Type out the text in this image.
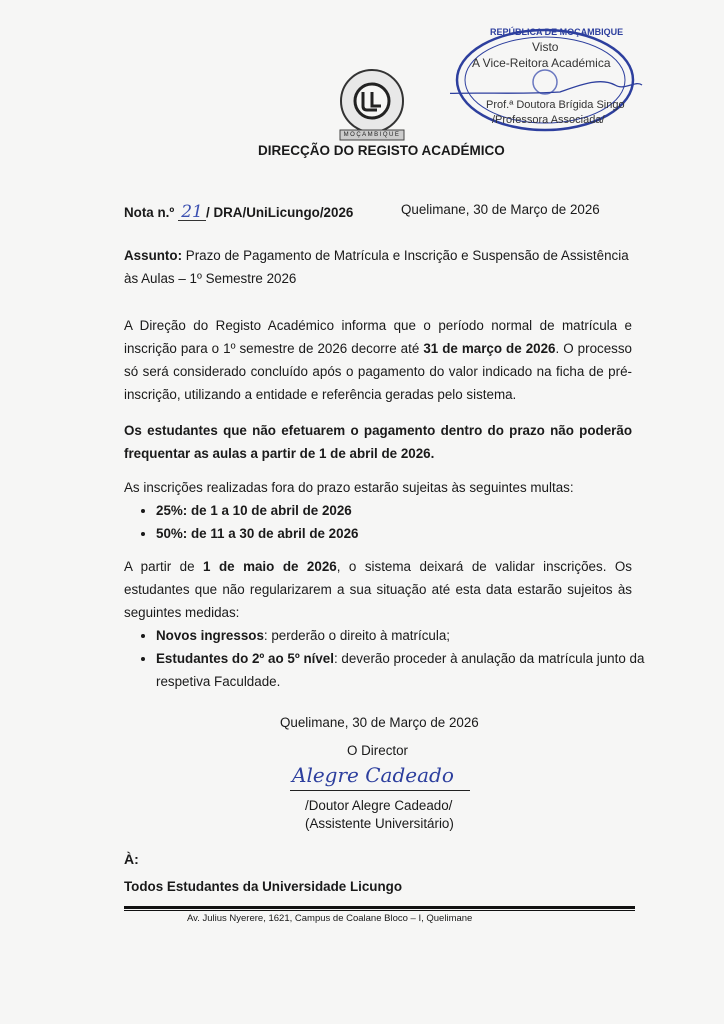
MOÇAMBIQUE
DIRECÇÃO DO REGISTO ACADÉMICO
REPÚBLICA DE MOÇAMBIQUE
Visto
A Vice-Reitora Académica
Prof.ª Doutora Brígida Singo
/Professora Associada/
Nota n.º 21 / DRA/UniLicungo/2026	Quelimane, 30 de Março de 2026
Assunto: Prazo de Pagamento de Matrícula e Inscrição e Suspensão de Assistência às Aulas – 1º Semestre 2026
A Direção do Registo Académico informa que o período normal de matrícula e inscrição para o 1º semestre de 2026 decorre até 31 de março de 2026. O processo só será considerado concluído após o pagamento do valor indicado na ficha de pré-inscrição, utilizando a entidade e referência geradas pelo sistema.
Os estudantes que não efetuarem o pagamento dentro do prazo não poderão frequentar as aulas a partir de 1 de abril de 2026.
As inscrições realizadas fora do prazo estarão sujeitas às seguintes multas:
• 25%: de 1 a 10 de abril de 2026
• 50%: de 11 a 30 de abril de 2026
A partir de 1 de maio de 2026, o sistema deixará de validar inscrições. Os estudantes que não regularizarem a sua situação até esta data estarão sujeitos às seguintes medidas:
• Novos ingressos: perderão o direito à matrícula;
• Estudantes do 2º ao 5º nível: deverão proceder à anulação da matrícula junto da respetiva Faculdade.
Quelimane, 30 de Março de 2026
O Director
Alegre Cadeado
/Doutor Alegre Cadeado/
(Assistente Universitário)
À:
Todos Estudantes da Universidade Licungo
Av. Julius Nyerere, 1621, Campus de Coalane Bloco – I, Quelimane
